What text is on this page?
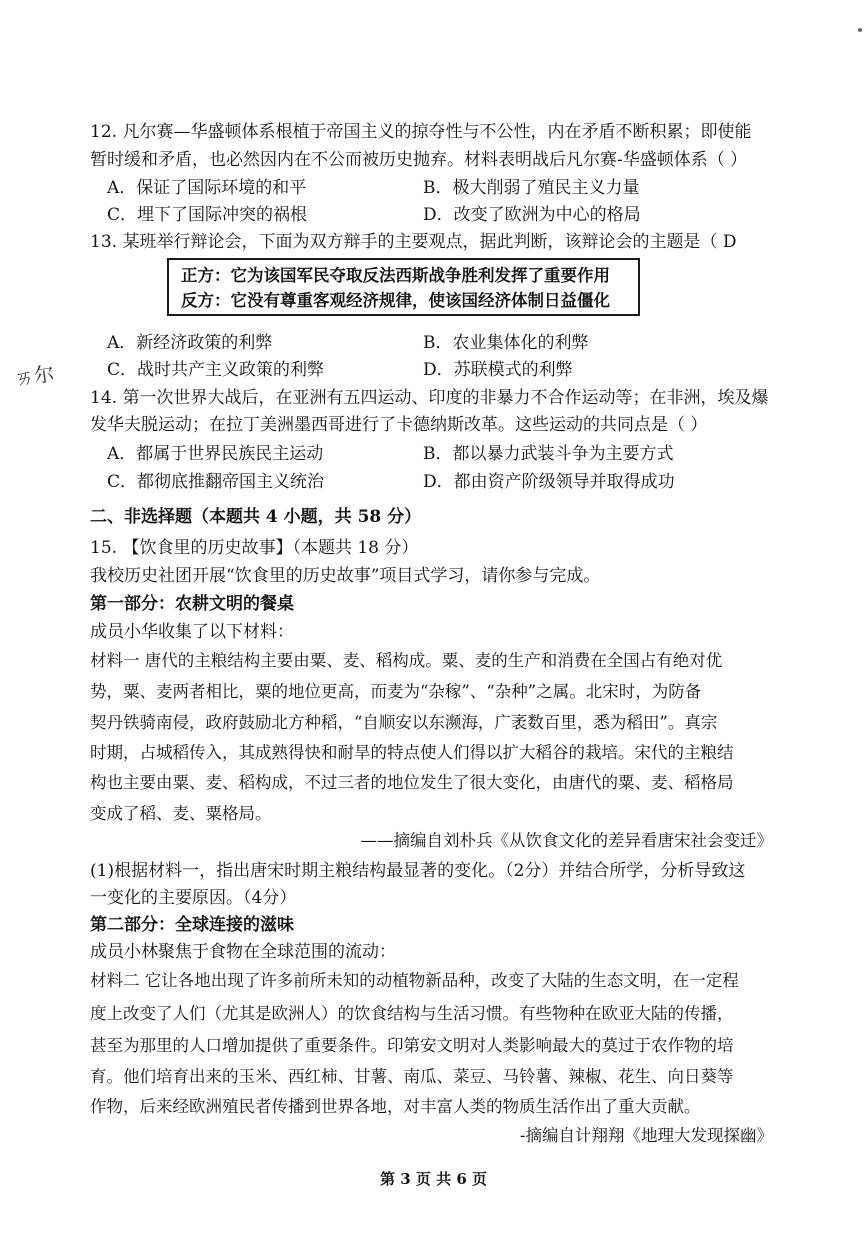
12. 凡尔赛—华盛顿体系根植于帝国主义的掠夺性与不公性，内在矛盾不断积累；即使能
暂时缓和矛盾，也必然因内在不公而被历史抛弃。材料表明战后凡尔赛-华盛顿体系（ ）
A．保证了国际环境的和平	B．极大削弱了殖民主义力量
C．埋下了国际冲突的祸根	D．改变了欧洲为中心的格局
13. 某班举行辩论会，下面为双方辩手的主要观点，据此判断，该辩论会的主题是（ D
正方：它为该国军民夺取反法西斯战争胜利发挥了重要作用
反方：它没有尊重客观经济规律，使该国经济体制日益僵化
A．新经济政策的利弊	B．农业集体化的利弊
C．战时共产主义政策的利弊	D．苏联模式的利弊
ㄞ尔
14. 第一次世界大战后，在亚洲有五四运动、印度的非暴力不合作运动等；在非洲，埃及爆
发华夫脱运动；在拉丁美洲墨西哥进行了卡德纳斯改革。这些运动的共同点是（ ）
A．都属于世界民族民主运动	B．都以暴力武装斗争为主要方式
C．都彻底推翻帝国主义统治	D．都由资产阶级领导并取得成功
二、非选择题（本题共 4 小题，共 58 分）
15. 【饮食里的历史故事】（本题共 18 分）
我校历史社团开展“饮食里的历史故事”项目式学习，请你参与完成。
第一部分：农耕文明的餐桌
成员小华收集了以下材料：
材料一 唐代的主粮结构主要由粟、麦、稻构成。粟、麦的生产和消费在全国占有绝对优
势，粟、麦两者相比，粟的地位更高，而麦为“杂稼”、“杂种”之属。北宋时，为防备
契丹铁骑南侵，政府鼓励北方种稻，“自顺安以东濒海，广袤数百里，悉为稻田”。真宗
时期，占城稻传入，其成熟得快和耐旱的特点使人们得以扩大稻谷的栽培。宋代的主粮结
构也主要由粟、麦、稻构成，不过三者的地位发生了很大变化，由唐代的粟、麦、稻格局
变成了稻、麦、粟格局。
——摘编自刘朴兵《从饮食文化的差异看唐宋社会变迁》
(1)根据材料一，指出唐宋时期主粮结构最显著的变化。（2分）并结合所学，分析导致这
一变化的主要原因。（4分）
第二部分：全球连接的滋味
成员小林聚焦于食物在全球范围的流动：
材料二 它让各地出现了许多前所未知的动植物新品种，改变了大陆的生态文明，在一定程
度上改变了人们（尤其是欧洲人）的饮食结构与生活习惯。有些物种在欧亚大陆的传播，
甚至为那里的人口增加提供了重要条件。印第安文明对人类影响最大的莫过于农作物的培
育。他们培育出来的玉米、西红柿、甘薯、南瓜、菜豆、马铃薯、辣椒、花生、向日葵等
作物，后来经欧洲殖民者传播到世界各地，对丰富人类的物质生活作出了重大贡献。
-摘编自计翔翔《地理大发现探幽》
第 3 页 共 6 页
